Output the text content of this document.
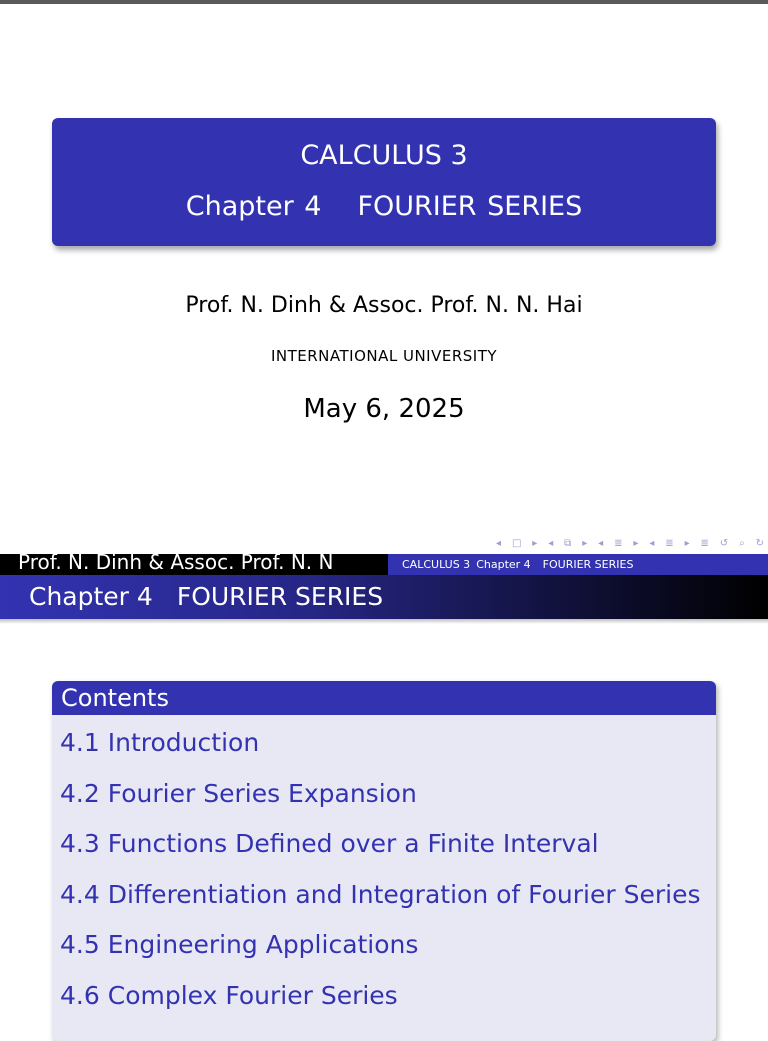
CALCULUS 3
Chapter 4 FOURIER SERIES
Prof. N. Dinh & Assoc. Prof. N. N. Hai
INTERNATIONAL UNIVERSITY
May 6, 2025
◂ □ ▸ ◂ ⧉ ▸ ◂ ≣ ▸ ◂ ≣ ▸ ≣ ↺ ⌕ ↻
Prof. N. Dinh & Assoc. Prof. N. N	CALCULUS 3 Chapter 4 FOURIER SERIES
Chapter 4 FOURIER SERIES
Contents
4.1 Introduction
4.2 Fourier Series Expansion
4.3 Functions Defined over a Finite Interval
4.4 Differentiation and Integration of Fourier Series
4.5 Engineering Applications
4.6 Complex Fourier Series
